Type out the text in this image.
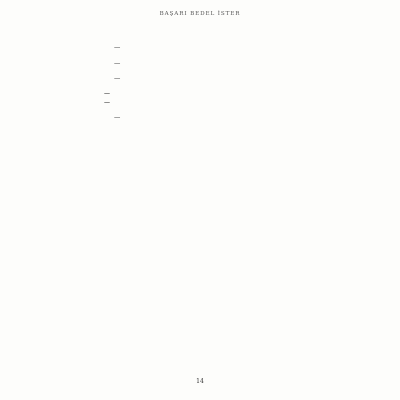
BAŞARI BEDEL İSTER

—

—

—

—
—

—

14
